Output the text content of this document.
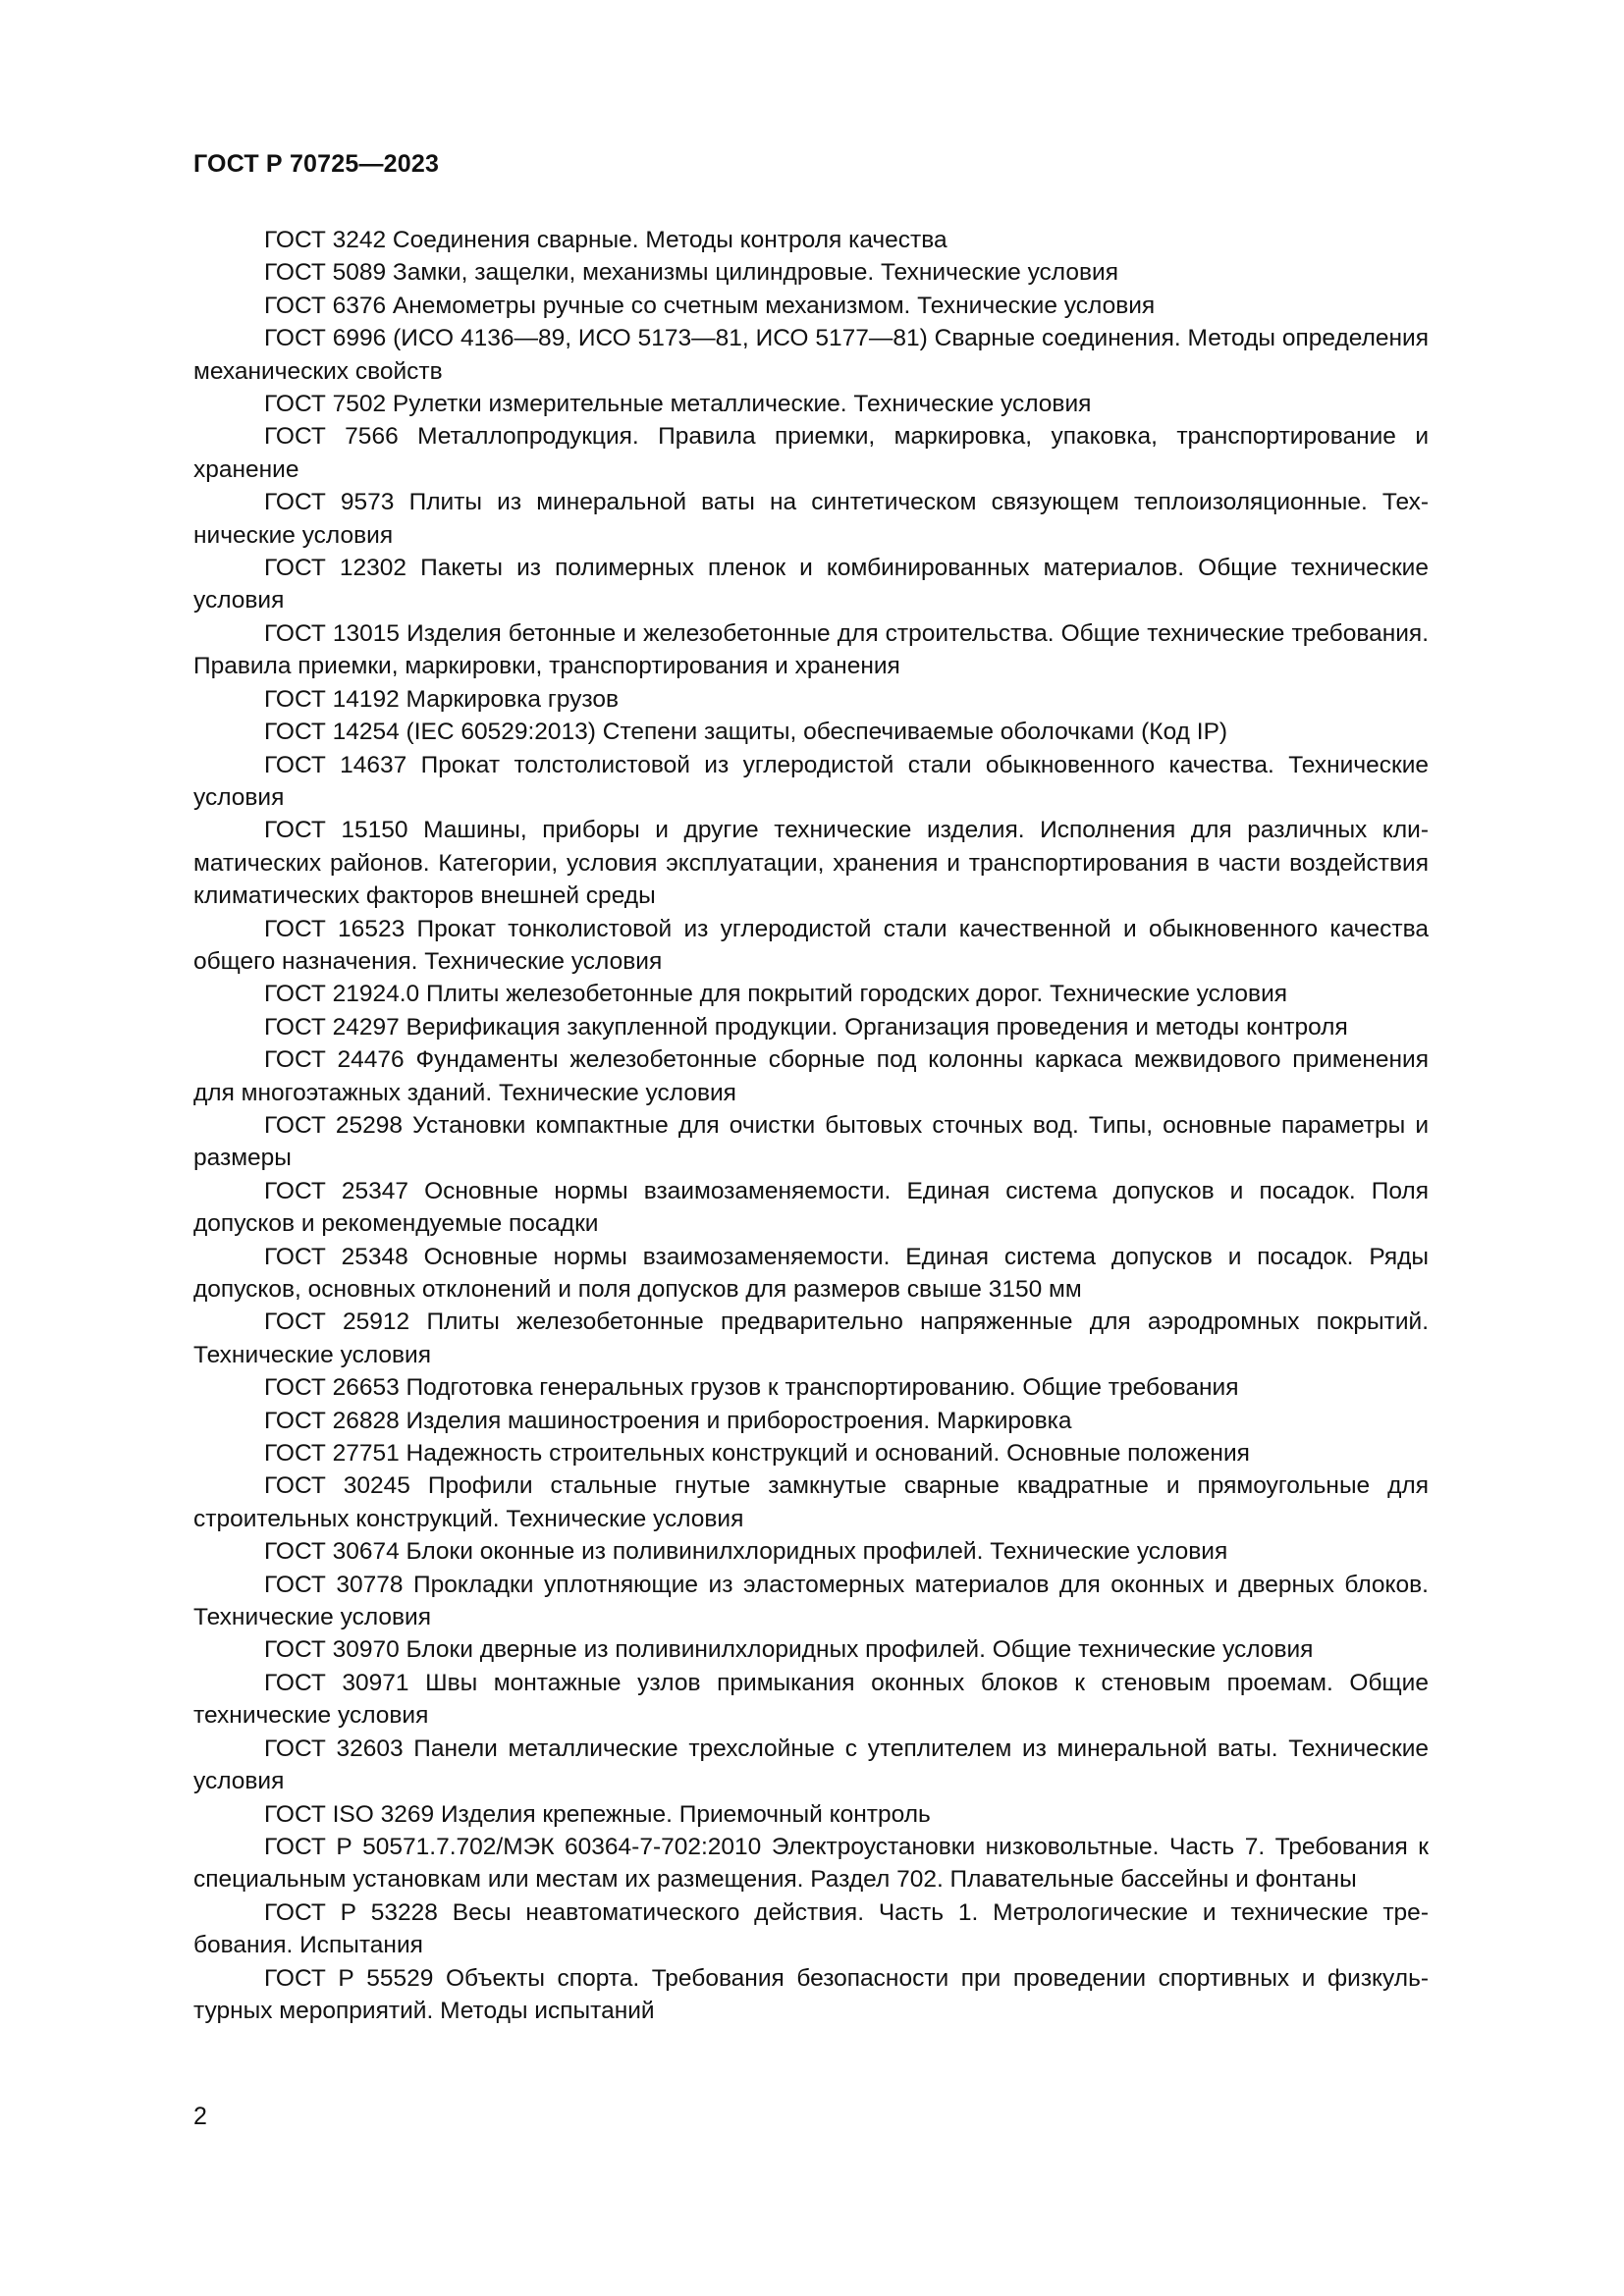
ГОСТ Р 70725—2023

ГОСТ 3242 Соединения сварные. Методы контроля качества

ГОСТ 5089 Замки, защелки, механизмы цилиндровые. Технические условия

ГОСТ 6376 Анемометры ручные со счетным механизмом. Технические условия

ГОСТ 6996 (ИСО 4136—89, ИСО 5173—81, ИСО 5177—81) Сварные соединения. Методы определения механических свойств

ГОСТ 7502 Рулетки измерительные металлические. Технические условия

ГОСТ 7566 Металлопродукция. Правила приемки, маркировка, упаковка, транспортирование и хранение

ГОСТ 9573 Плиты из минеральной ваты на синтетическом связующем теплоизоляционные. Технические условия

ГОСТ 12302 Пакеты из полимерных пленок и комбинированных материалов. Общие технические условия

ГОСТ 13015 Изделия бетонные и железобетонные для строительства. Общие технические требования. Правила приемки, маркировки, транспортирования и хранения

ГОСТ 14192 Маркировка грузов

ГОСТ 14254 (IEC 60529:2013) Степени защиты, обеспечиваемые оболочками (Код IP)

ГОСТ 14637 Прокат толстолистовой из углеродистой стали обыкновенного качества. Технические условия

ГОСТ 15150 Машины, приборы и другие технические изделия. Исполнения для различных климатических районов. Категории, условия эксплуатации, хранения и транспортирования в части воздействия климатических факторов внешней среды

ГОСТ 16523 Прокат тонколистовой из углеродистой стали качественной и обыкновенного качества общего назначения. Технические условия

ГОСТ 21924.0 Плиты железобетонные для покрытий городских дорог. Технические условия

ГОСТ 24297 Верификация закупленной продукции. Организация проведения и методы контроля

ГОСТ 24476 Фундаменты железобетонные сборные под колонны каркаса межвидового применения для многоэтажных зданий. Технические условия

ГОСТ 25298 Установки компактные для очистки бытовых сточных вод. Типы, основные параметры и размеры

ГОСТ 25347 Основные нормы взаимозаменяемости. Единая система допусков и посадок. Поля допусков и рекомендуемые посадки

ГОСТ 25348 Основные нормы взаимозаменяемости. Единая система допусков и посадок. Ряды допусков, основных отклонений и поля допусков для размеров свыше 3150 мм

ГОСТ 25912 Плиты железобетонные предварительно напряженные для аэродромных покрытий. Технические условия

ГОСТ 26653 Подготовка генеральных грузов к транспортированию. Общие требования

ГОСТ 26828 Изделия машиностроения и приборостроения. Маркировка

ГОСТ 27751 Надежность строительных конструкций и оснований. Основные положения

ГОСТ 30245 Профили стальные гнутые замкнутые сварные квадратные и прямоугольные для строительных конструкций. Технические условия

ГОСТ 30674 Блоки оконные из поливинилхлоридных профилей. Технические условия

ГОСТ 30778 Прокладки уплотняющие из эластомерных материалов для оконных и дверных блоков. Технические условия

ГОСТ 30970 Блоки дверные из поливинилхлоридных профилей. Общие технические условия

ГОСТ 30971 Швы монтажные узлов примыкания оконных блоков к стеновым проемам. Общие технические условия

ГОСТ 32603 Панели металлические трехслойные с утеплителем из минеральной ваты. Технические условия

ГОСТ ISO 3269 Изделия крепежные. Приемочный контроль

ГОСТ Р 50571.7.702/МЭК 60364-7-702:2010 Электроустановки низковольтные. Часть 7. Требования к специальным установкам или местам их размещения. Раздел 702. Плавательные бассейны и фонтаны

ГОСТ Р 53228 Весы неавтоматического действия. Часть 1. Метрологические и технические требования. Испытания

ГОСТ Р 55529 Объекты спорта. Требования безопасности при проведении спортивных и физкультурных мероприятий. Методы испытаний

2
